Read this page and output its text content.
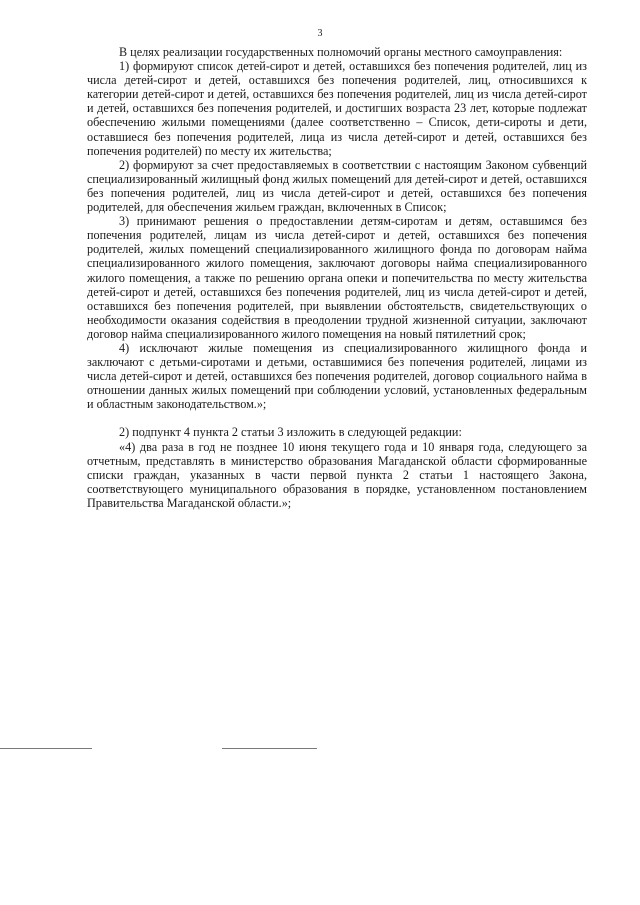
3

В целях реализации государственных полномочий органы местного самоуправления:

1) формируют список детей-сирот и детей, оставшихся без попечения родителей, лиц из числа детей-сирот и детей, оставшихся без попечения родителей, лиц, относившихся к категории детей-сирот и детей, оставшихся без попечения родителей, лиц из числа детей-сирот и детей, оставшихся без попечения родителей, и достигших возраста 23 лет, которые подлежат обеспечению жилыми помещениями (далее соответственно – Список, дети-сироты и дети, оставшиеся без попечения родителей, лица из числа детей-сирот и детей, оставшихся без попечения родителей) по месту их жительства;

2) формируют за счет предоставляемых в соответствии с настоящим Законом субвенций специализированный жилищный фонд жилых помещений для детей-сирот и детей, оставшихся без попечения родителей, лиц из числа детей-сирот и детей, оставшихся без попечения родителей, для обеспечения жильем граждан, включенных в Список;

3) принимают решения о предоставлении детям-сиротам и детям, оставшимся без попечения родителей, лицам из числа детей-сирот и детей, оставшихся без попечения родителей, жилых помещений специализированного жилищного фонда по договорам найма специализированного жилого помещения, заключают договоры найма специализированного жилого помещения, а также по решению органа опеки и попечительства по месту жительства детей-сирот и детей, оставшихся без попечения родителей, лиц из числа детей-сирот и детей, оставшихся без попечения родителей, при выявлении обстоятельств, свидетельствующих о необходимости оказания содействия в преодолении трудной жизненной ситуации, заключают договор найма специализированного жилого помещения на новый пятилетний срок;

4) исключают жилые помещения из специализированного жилищного фонда и заключают с детьми-сиротами и детьми, оставшимися без попечения родителей, лицами из числа детей-сирот и детей, оставшихся без попечения родителей, договор социального найма в отношении данных жилых помещений при соблюдении условий, установленных федеральным и областным законодательством.»;

2) подпункт 4 пункта 2 статьи 3 изложить в следующей редакции:

«4) два раза в год не позднее 10 июня текущего года и 10 января года, следующего за отчетным, представлять в министерство образования Магаданской области сформированные списки граждан, указанных в части первой пункта 2 статьи 1 настоящего Закона, соответствующего муниципального образования в порядке, установленном постановлением Правительства Магаданской области.»;
